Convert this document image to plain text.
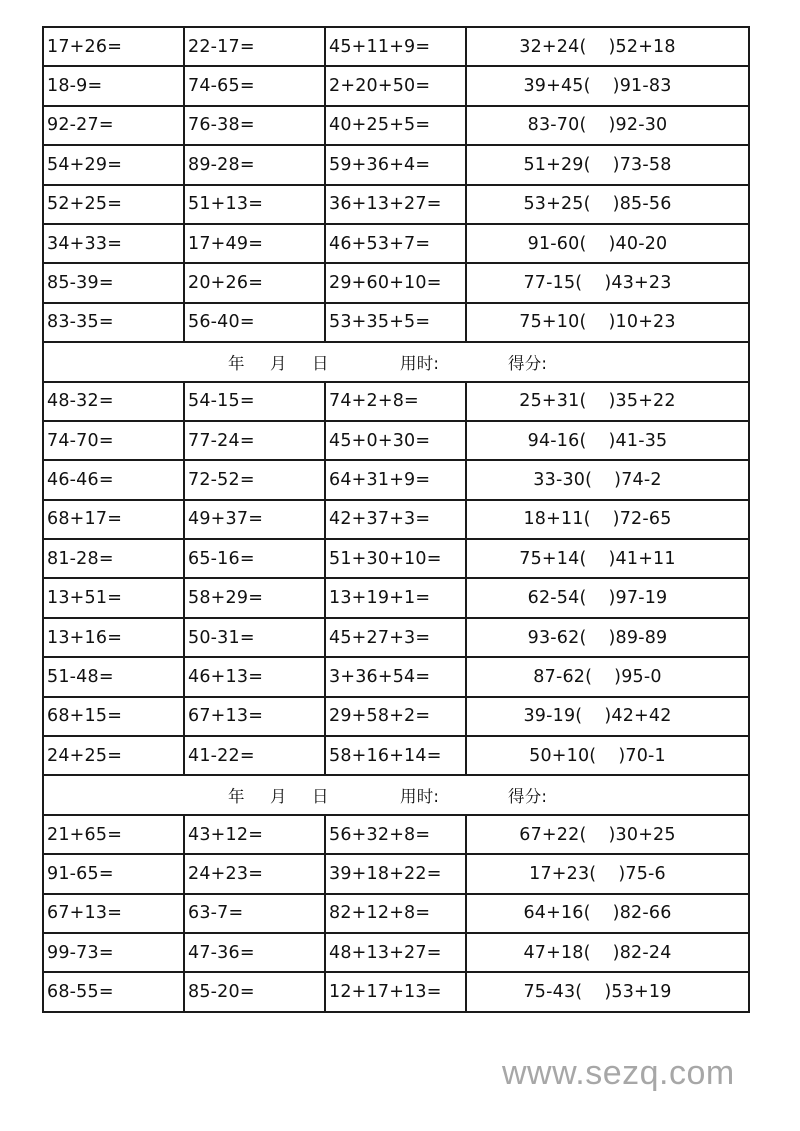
17+26=	22-17=	45+11+9=	32+24( )52+18
18-9=	74-65=	2+20+50=	39+45( )91-83
92-27=	76-38=	40+25+5=	83-70( )92-30
54+29=	89-28=	59+36+4=	51+29( )73-58
52+25=	51+13=	36+13+27=	53+25( )85-56
34+33=	17+49=	46+53+7=	91-60( )40-20
85-39=	20+26=	29+60+10=	77-15( )43+23
83-35=	56-40=	53+35+5=	75+10( )10+23

年 月 日 用时: 得分:			

48-32=	54-15=	74+2+8=	25+31( )35+22
74-70=	77-24=	45+0+30=	94-16( )41-35
46-46=	72-52=	64+31+9=	33-30( )74-2
68+17=	49+37=	42+37+3=	18+11( )72-65
81-28=	65-16=	51+30+10=	75+14( )41+11
13+51=	58+29=	13+19+1=	62-54( )97-19
13+16=	50-31=	45+27+3=	93-62( )89-89
51-48=	46+13=	3+36+54=	87-62( )95-0
68+15=	67+13=	29+58+2=	39-19( )42+42
24+25=	41-22=	58+16+14=	50+10( )70-1

年 月 日 用时: 得分:			

21+65=	43+12=	56+32+8=	67+22( )30+25
91-65=	24+23=	39+18+22=	17+23( )75-6
67+13=	63-7=	82+12+8=	64+16( )82-66
99-73=	47-36=	48+13+27=	47+18( )82-24
68-55=	85-20=	12+17+13=	75-43( )53+19
www.sezq.com
